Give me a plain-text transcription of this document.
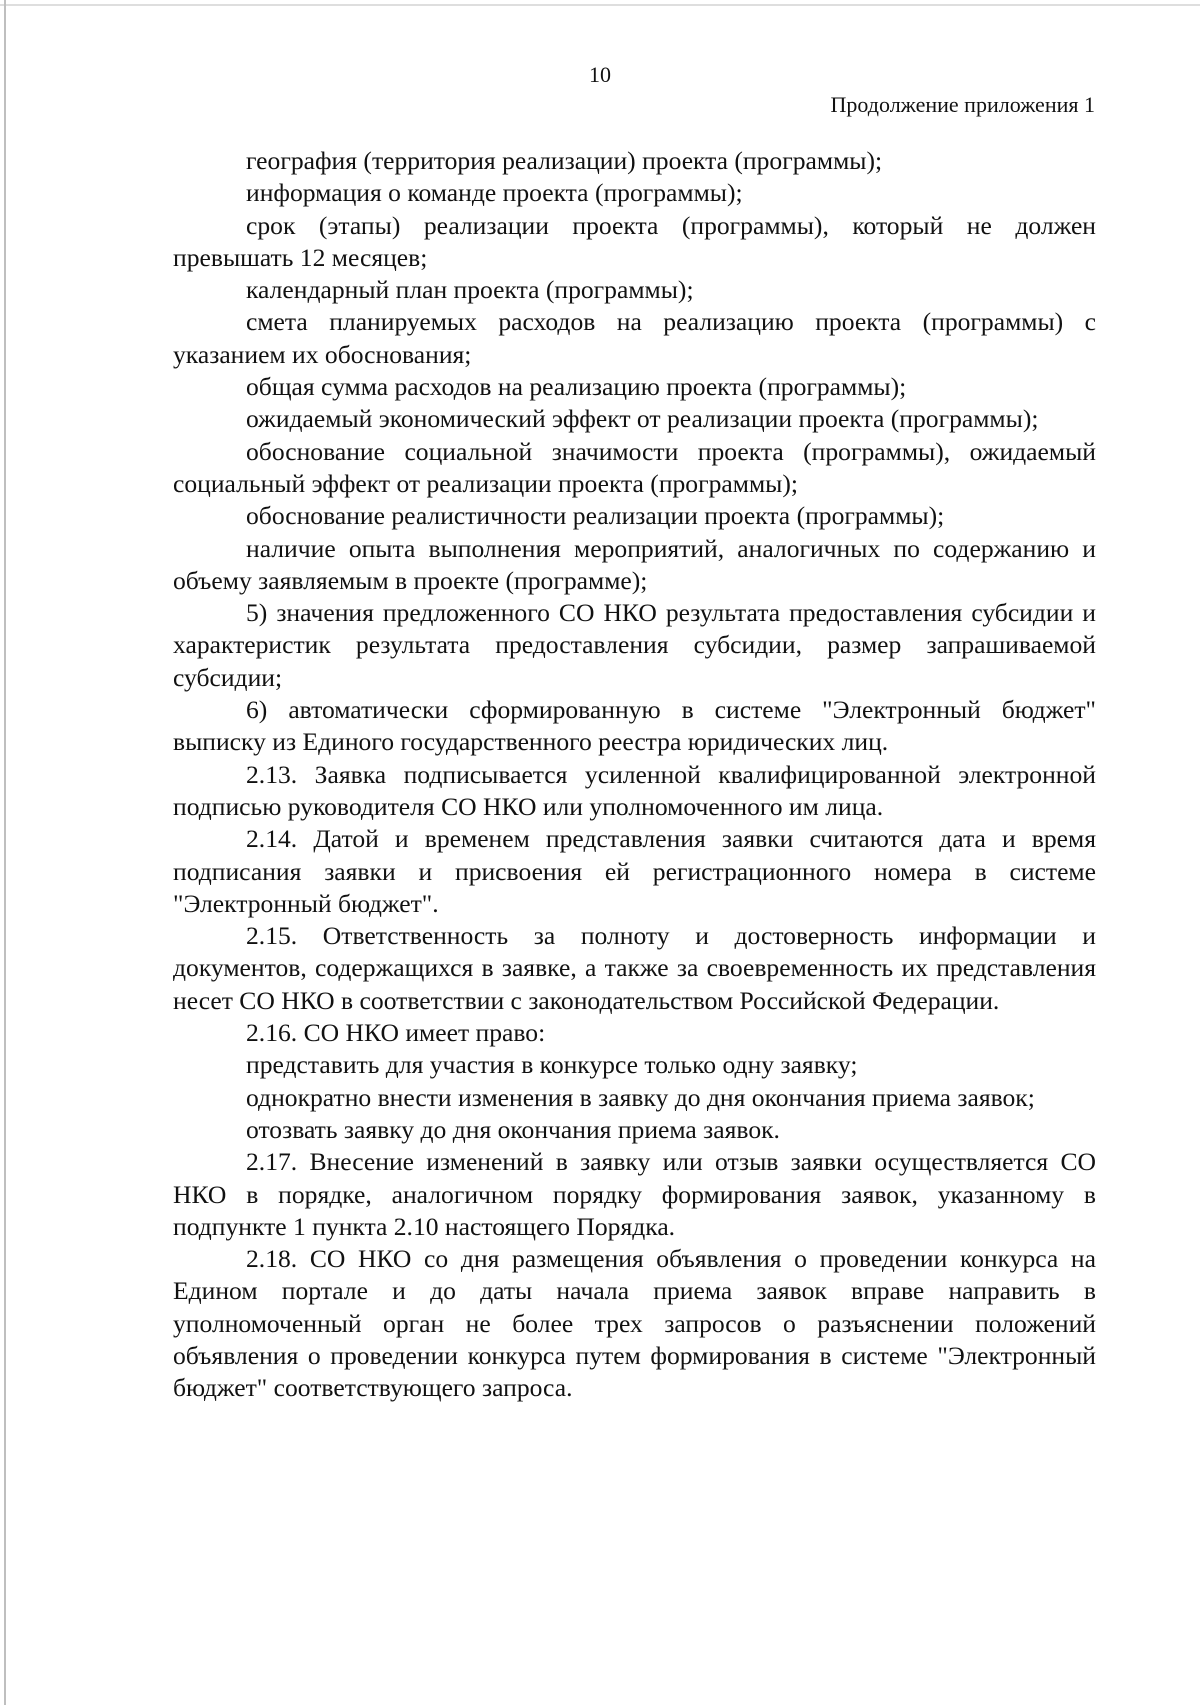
10
Продолжение приложения 1

география (территория реализации) проекта (программы);

информация о команде проекта (программы);

срок (этапы) реализации проекта (программы), который не должен превышать 12 месяцев;

календарный план проекта (программы);

смета планируемых расходов на реализацию проекта (программы) с указанием их обоснования;

общая сумма расходов на реализацию проекта (программы);

ожидаемый экономический эффект от реализации проекта (программы);

обоснование социальной значимости проекта (программы), ожидаемый социальный эффект от реализации проекта (программы);

обоснование реалистичности реализации проекта (программы);

наличие опыта выполнения мероприятий, аналогичных по содержанию и объему заявляемым в проекте (программе);

5) значения предложенного СО НКО результата предоставления субсидии и характеристик результата предоставления субсидии, размер запрашиваемой субсидии;

6) автоматически сформированную в системе "Электронный бюджет" выписку из Единого государственного реестра юридических лиц.

2.13. Заявка подписывается усиленной квалифицированной электронной подписью руководителя СО НКО или уполномоченного им лица.

2.14. Датой и временем представления заявки считаются дата и время подписания заявки и присвоения ей регистрационного номера в системе "Электронный бюджет".

2.15. Ответственность за полноту и достоверность информации и документов, содержащихся в заявке, а также за своевременность их представления несет СО НКО в соответствии с законодательством Российской Федерации.

2.16. СО НКО имеет право:

представить для участия в конкурсе только одну заявку;

однократно внести изменения в заявку до дня окончания приема заявок;

отозвать заявку до дня окончания приема заявок.

2.17. Внесение изменений в заявку или отзыв заявки осуществляется СО НКО в порядке, аналогичном порядку формирования заявок, указанному в подпункте 1 пункта 2.10 настоящего Порядка.

2.18. СО НКО со дня размещения объявления о проведении конкурса на Едином портале и до даты начала приема заявок вправе направить в уполномоченный орган не более трех запросов о разъяснении положений объявления о проведении конкурса путем формирования в системе "Электронный бюджет" соответствующего запроса.
